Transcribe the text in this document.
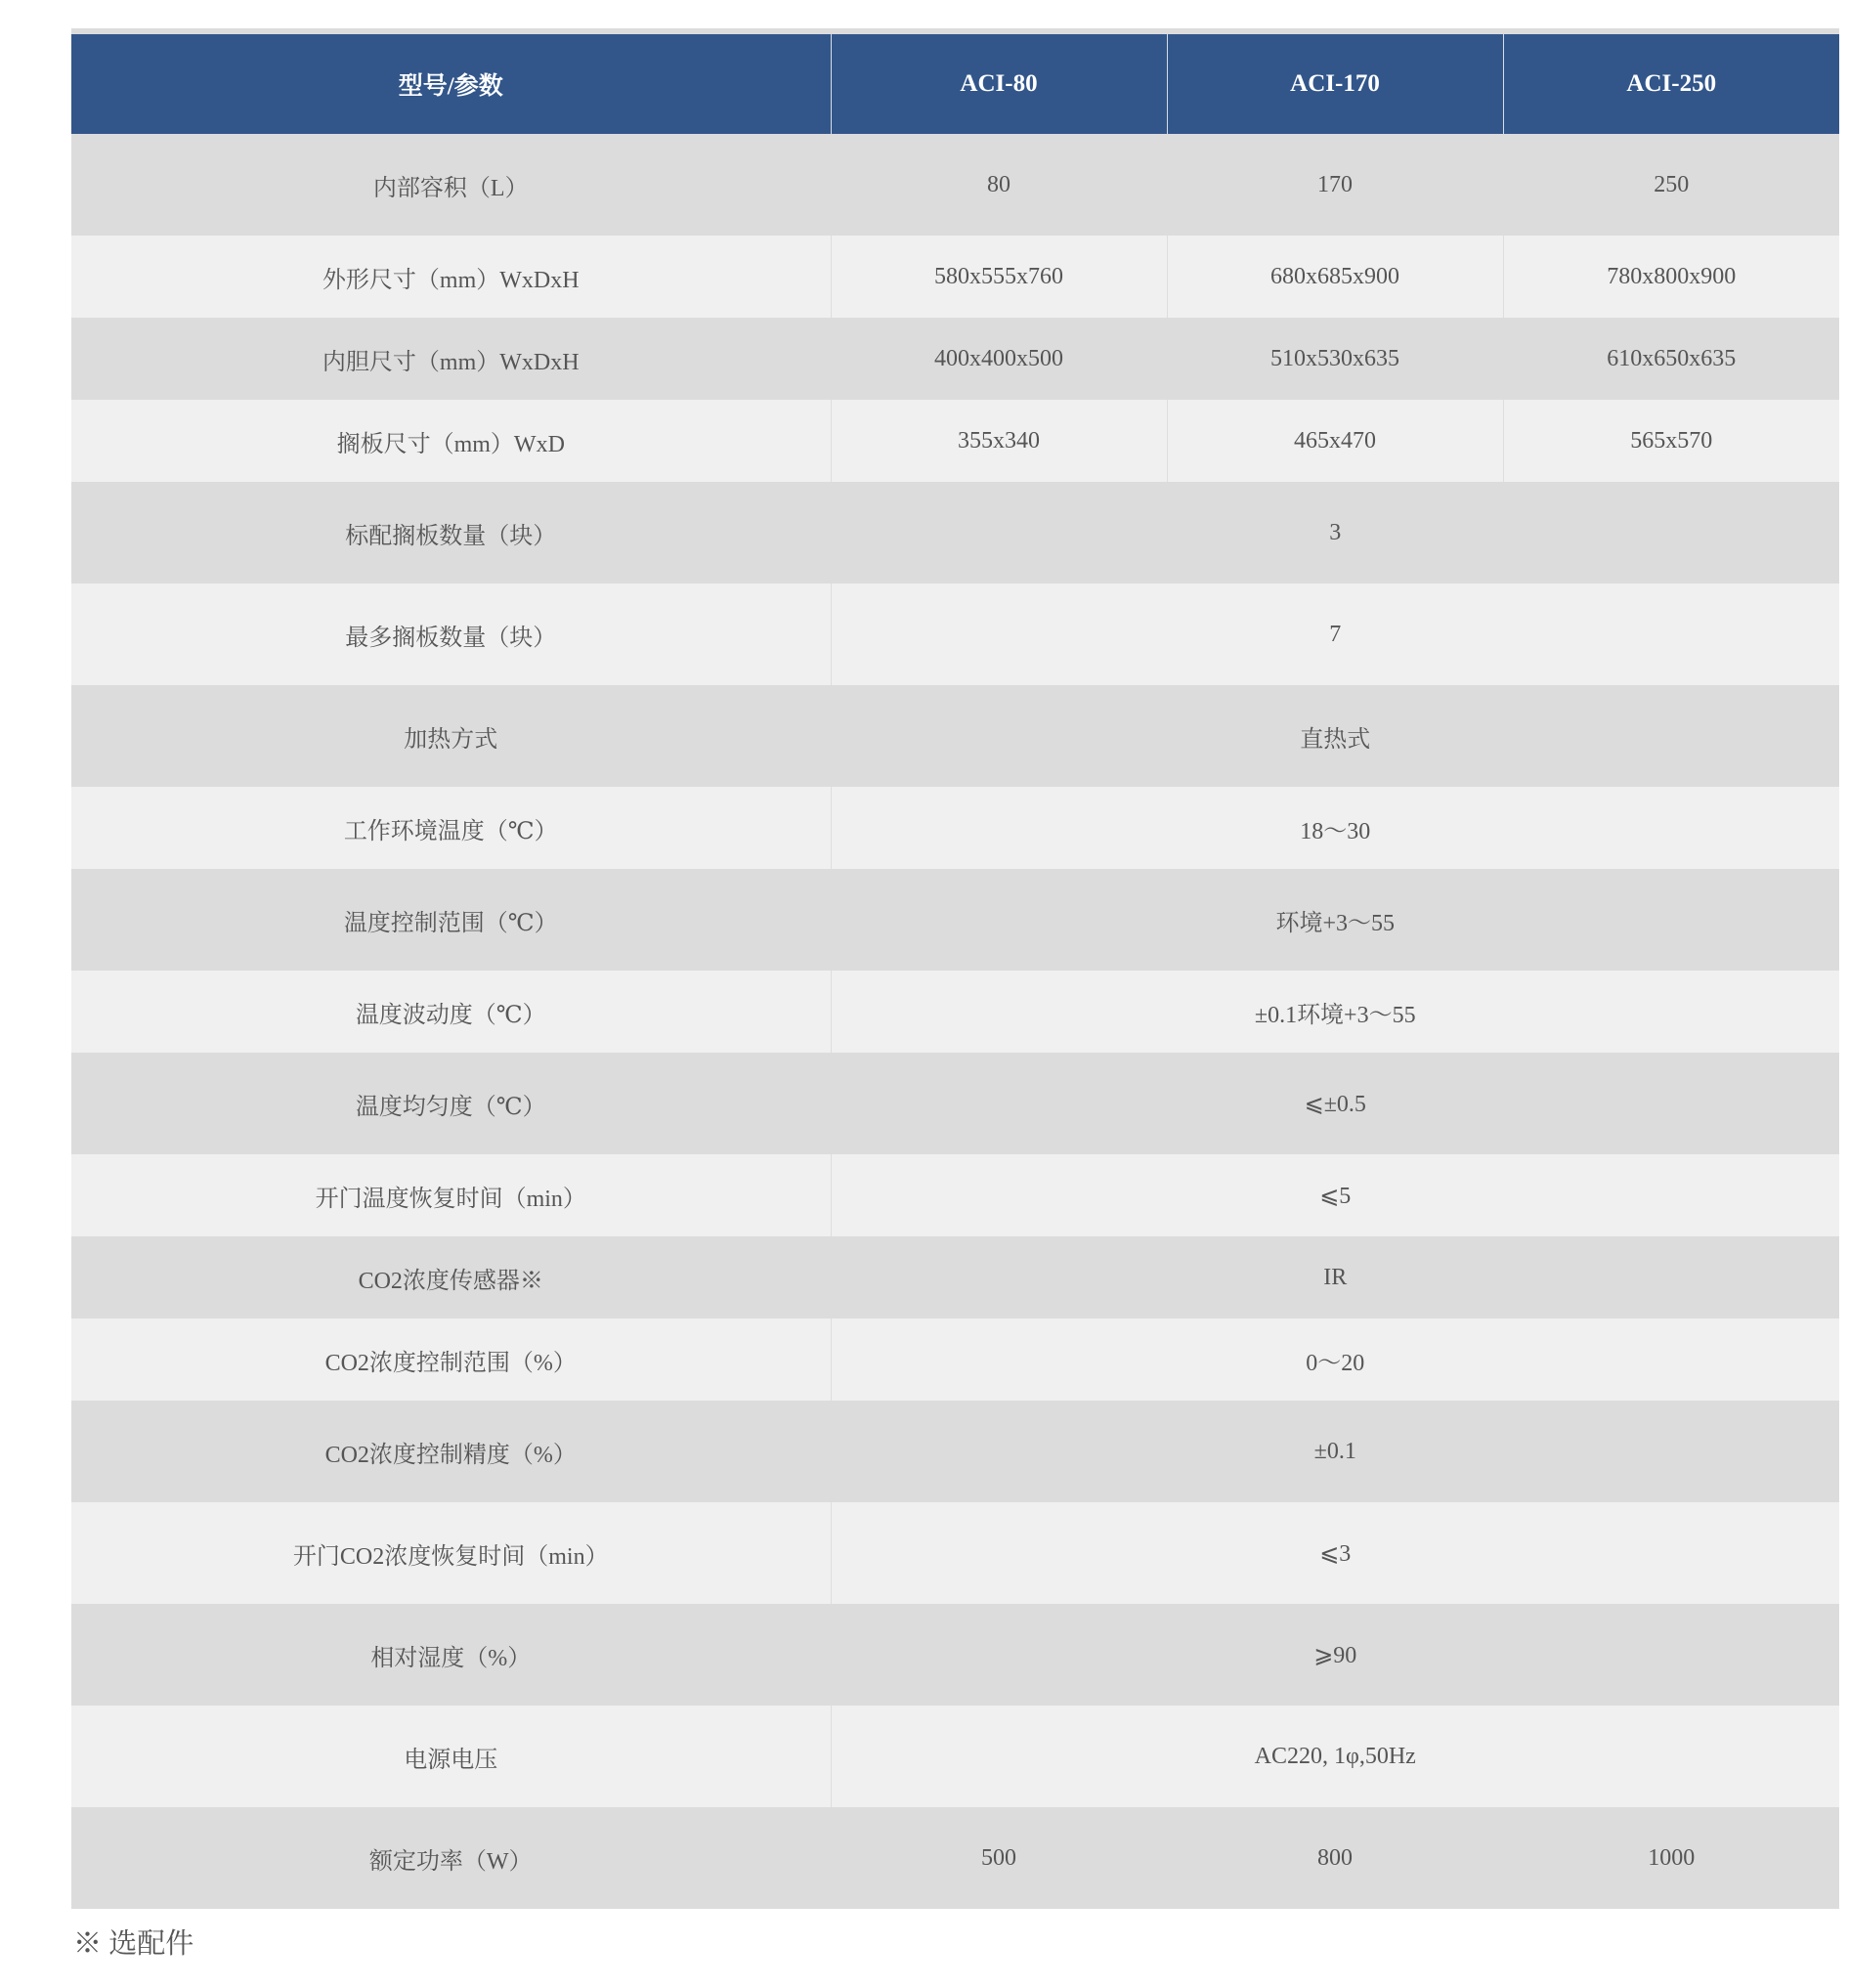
型号/参数	ACI-80	ACI-170	ACI-250
内部容积（L）	80	170	250
外形尺寸（mm）WxDxH	580x555x760	680x685x900	780x800x900
内胆尺寸（mm）WxDxH	400x400x500	510x530x635	610x650x635
搁板尺寸（mm）WxD	355x340	465x470	565x570
标配搁板数量（块）	3		
最多搁板数量（块）	7		
加热方式	直热式		
工作环境温度（℃）	18～30		
温度控制范围（℃）	环境+3～55		
温度波动度（℃）	±0.1环境+3～55		
温度均匀度（℃）	⩽±0.5		
开门温度恢复时间（min）	⩽5		
CO2浓度传感器※	IR		
CO2浓度控制范围（%）	0～20		
CO2浓度控制精度（%）	±0.1		
开门CO2浓度恢复时间（min）	⩽3		
相对湿度（%）	⩾90		
电源电压	AC220, 1φ,50Hz		
额定功率（W）	500	800	1000
※ 选配件
